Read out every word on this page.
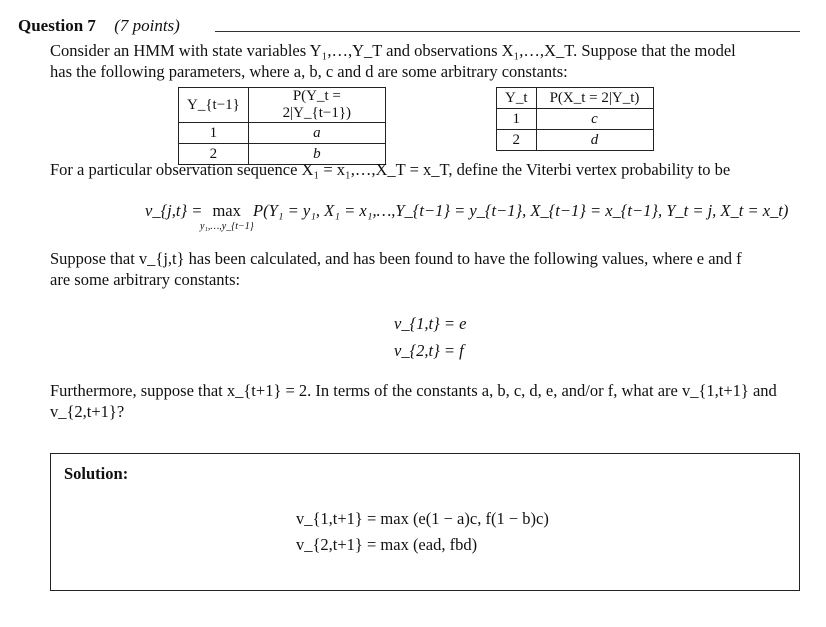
Question 7 (7 points)
Consider an HMM with state variables Y₁,…,Y_T and observations X₁,…,X_T. Suppose that the model
has the following parameters, where a, b, c and d are some arbitrary constants:
Y_{t−1}	P(Y_t = 2|Y_{t−1})
1	a
2	b
Y_t	P(X_t = 2|Y_t)
1	c
2	d
For a particular observation sequence X₁ = x₁,…,X_T = x_T, define the Viterbi vertex probability to be
v_{j,t} = max P(Y₁ = y₁, X₁ = x₁,…,Y_{t−1} = y_{t−1}, X_{t−1} = x_{t−1}, Y_t = j, X_t = x_t)
y₁,…,y_{t−1}
Suppose that v_{j,t} has been calculated, and has been found to have the following values, where e and f
are some arbitrary constants:
v_{1,t} = e
v_{2,t} = f
Furthermore, suppose that x_{t+1} = 2. In terms of the constants a, b, c, d, e, and/or f, what are v_{1,t+1} and
v_{2,t+1}?
Solution:
v_{1,t+1} = max (e(1 − a)c, f(1 − b)c)
v_{2,t+1} = max (ead, fbd)
